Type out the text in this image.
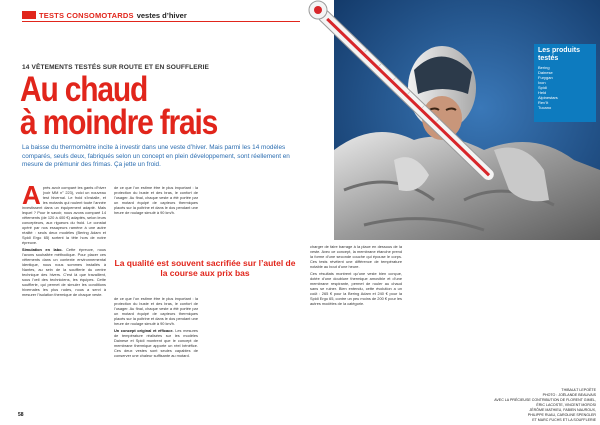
TESTS CONSOMOTARDS vestes d’hiver
14 VÊTEMENTS TESTÉS SUR ROUTE ET EN SOUFFLERIE
Au chaud
à moindre frais

La baisse du thermomètre incite à investir dans une veste d’hiver. Mais parmi les 14 modèles comparés, seuls deux, fabriqués selon un concept en plein développement, sont réellement en mesure de prémunir des frimas. Ça jette un froid.

Après avoir comparé les gants d’hiver (voir MM n° 223), voici un nouveau test hivernal. Le froid s’installe, et les motards qui roulent toute l’année investissent dans un équipement adapté. Mais lequel ? Pour le savoir, nous avons comparé 14 vêtements (de 120 à 400 €) adaptés, selon leurs concepteurs, aux rigueurs du froid. Le constat opéré par nos essayeurs ramène à une autre réalité : seuls deux modèles (Bering Adam et Spidi Ergo 65) sortent la tête hors de notre épreuve.

Simulation en labo. Cette épreuve, nous l’avons souhaitée méthodique. Pour placer ces vêtements dans un contexte environnemental identique, nous nous sommes installés à Nantes, au sein de la soufflerie du centre technique des hivers. C’est là que travaillent, sous l’œil des techniciens, les équipes. Cette soufflerie, qui permet de simuler les conditions hivernales les plus rudes, nous a servi à mesurer l’isolation thermique de chaque veste.

de ce que l’on estime être le plus important : la protection du buste et des bras, le confort de l’usager. Au final, chaque veste a été portée par un motard équipé de capteurs thermiques placés sur la poitrine et dans le dos pendant une heure de roulage simulé à 90 km/h.

La qualité est souvent sacrifiée sur l’autel de la course aux prix bas

de ce que l’on estime être le plus important : la protection du buste et des bras, le confort de l’usager. Au final, chaque veste a été portée par un motard équipé de capteurs thermiques placés sur la poitrine et dans le dos pendant une heure de roulage simulé à 90 km/h.

Un concept original et efficace. Les mesures de température réalisées sur les modèles Dainese et Spidi montrent que le concept de membrane thermique apporte un réel bénéfice. Ces deux vestes sont seules capables de conserver une chaleur suffisante au motard.

58
Les produits testés
Bering
Dainese
Furygan
Ixon
Spidi
Held
Alpinestars
Rev’It
Tucano

charger de faire barrage à la place en dessous de la veste. Avec ce concept, la membrane étanche prend la forme d’une seconde couche qui épouse le corps. Ces tests révèlent une différence de température notable au bout d’une heure.

Ces résultats montrent qu’une veste bien conçue, dotée d’une doublure thermique amovible et d’une membrane respirante, permet de rouler au chaud sans se ruiner. Bien entendu, cette évolution a un coût : 265 € pour la Bering Adam et 240 € pour la Spidi Ergo 65, contre un peu moins de 200 € pour les autres modèles de la catégorie.

THIBAULT LEPOÈTE
PHOTO : JOËLANDE BEAUVAIS
AVEC LA PRÉCIEUSE CONTRIBUTION DE FLORENT GIMEL,
ÉRIC LACOSTE, VINCENT MOROSI
JÉRÔME MATHIEU, FABIEN NAUROUX,
PHILIPPE RUAU, CAROLINE SPENGLER
ET MARC FUCHS ET LA SOUFFLERIE
